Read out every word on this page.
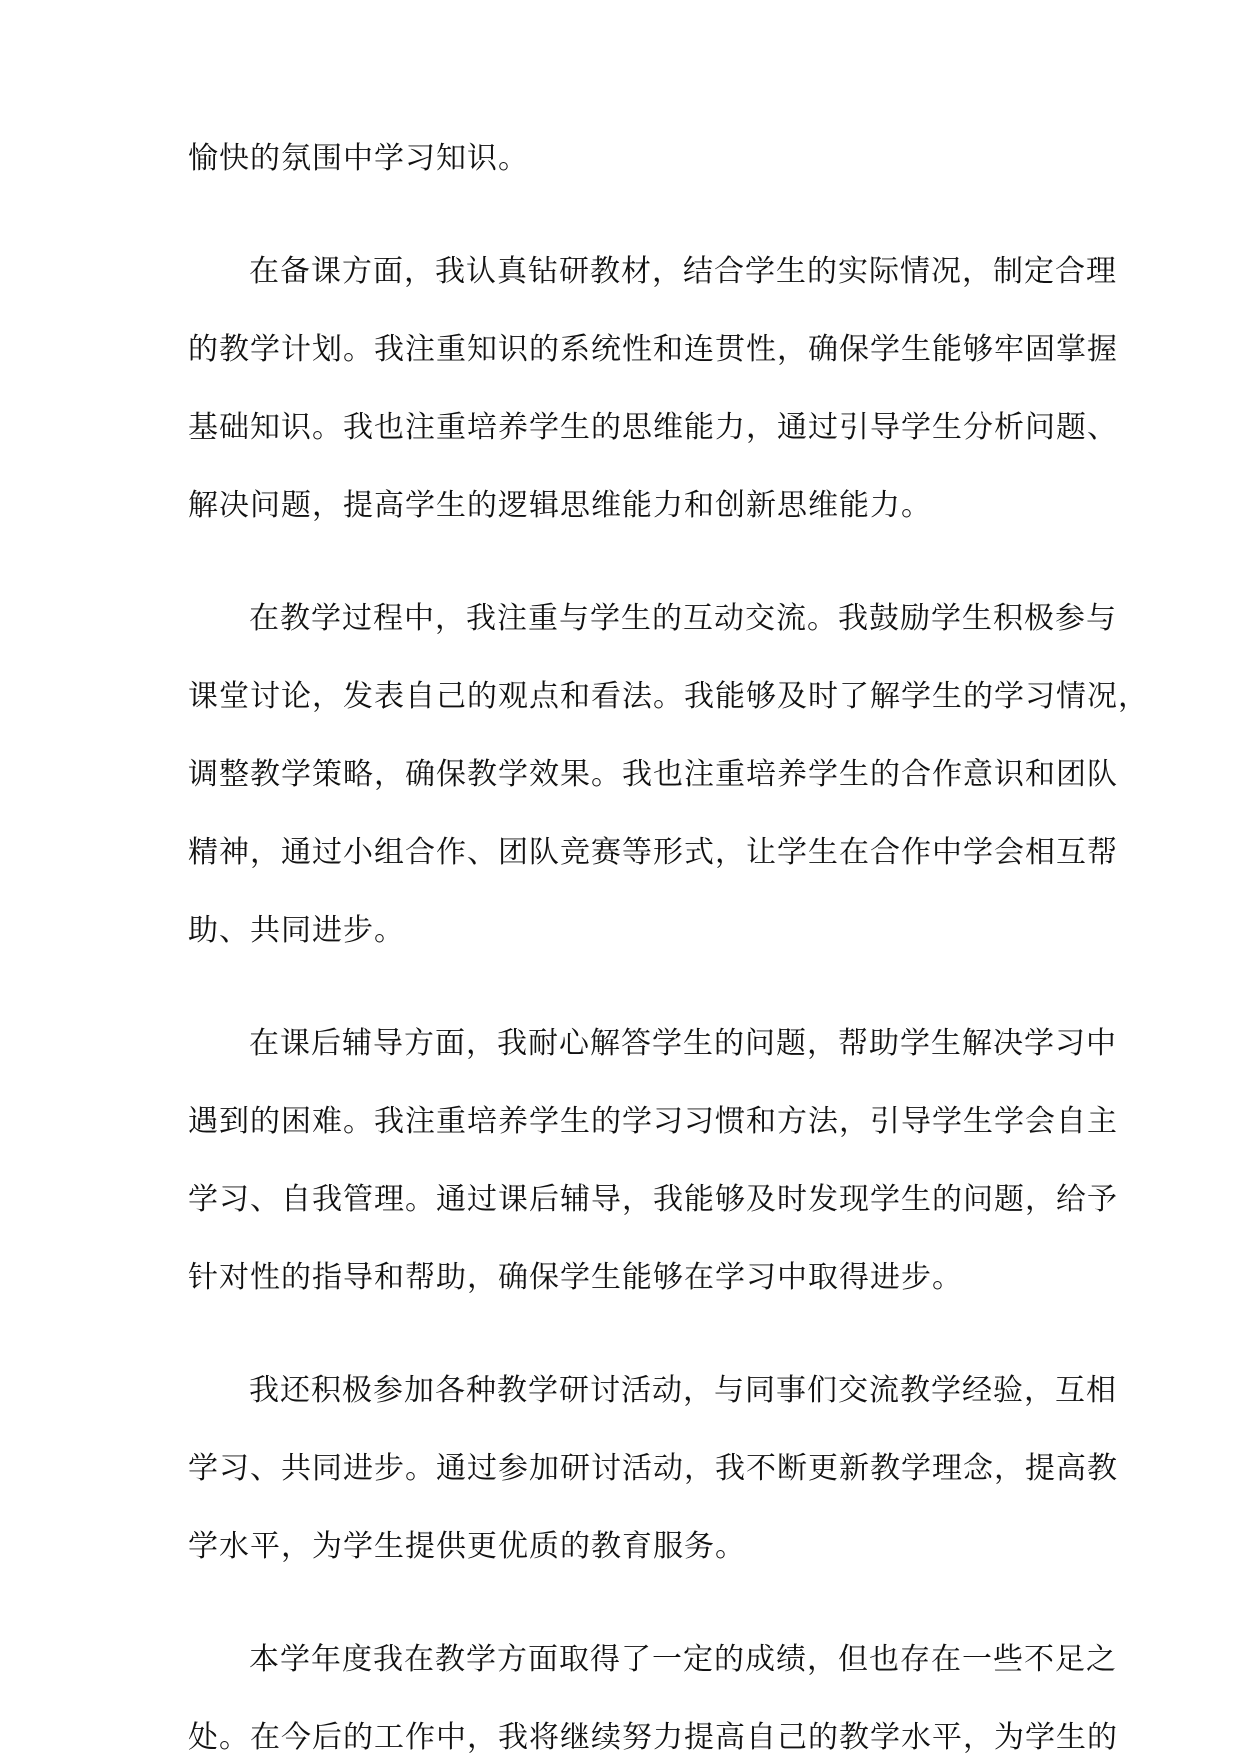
愉快的氛围中学习知识。
在备课方面，我认真钻研教材，结合学生的实际情况，制定合理
的教学计划。我注重知识的系统性和连贯性，确保学生能够牢固掌握
基础知识。我也注重培养学生的思维能力，通过引导学生分析问题、
解决问题，提高学生的逻辑思维能力和创新思维能力。
在教学过程中，我注重与学生的互动交流。我鼓励学生积极参与
课堂讨论，发表自己的观点和看法。我能够及时了解学生的学习情况，
调整教学策略，确保教学效果。我也注重培养学生的合作意识和团队
精神，通过小组合作、团队竞赛等形式，让学生在合作中学会相互帮
助、共同进步。
在课后辅导方面，我耐心解答学生的问题，帮助学生解决学习中
遇到的困难。我注重培养学生的学习习惯和方法，引导学生学会自主
学习、自我管理。通过课后辅导，我能够及时发现学生的问题，给予
针对性的指导和帮助，确保学生能够在学习中取得进步。
我还积极参加各种教学研讨活动，与同事们交流教学经验，互相
学习、共同进步。通过参加研讨活动，我不断更新教学理念，提高教
学水平，为学生提供更优质的教育服务。
本学年度我在教学方面取得了一定的成绩，但也存在一些不足之
处。在今后的工作中，我将继续努力提高自己的教学水平，为学生的
